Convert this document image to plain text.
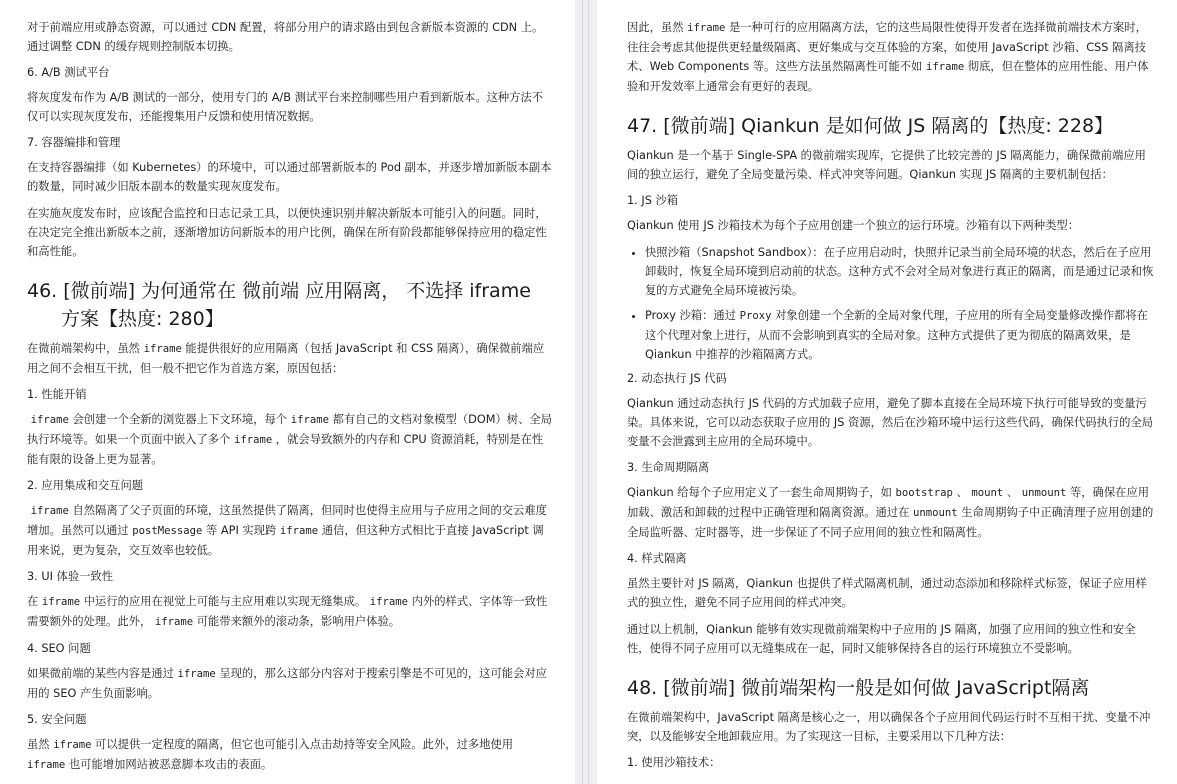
对于前端应用或静态资源，可以通过 CDN 配置，将部分用户的请求路由到包含新版本资源的 CDN 上。通过调整 CDN 的缓存规则控制版本切换。

6. A/B 测试平台

将灰度发布作为 A/B 测试的一部分，使用专门的 A/B 测试平台来控制哪些用户看到新版本。这种方法不仅可以实现灰度发布，还能搜集用户反馈和使用情况数据。

7. 容器编排和管理

在支持容器编排（如 Kubernetes）的环境中，可以通过部署新版本的 Pod 副本，并逐步增加新版本副本的数量，同时减少旧版本副本的数量实现灰度发布。

在实施灰度发布时，应该配合监控和日志记录工具，以便快速识别并解决新版本可能引入的问题。同时，在决定完全推出新版本之前，逐渐增加访问新版本的用户比例，确保在所有阶段都能够保持应用的稳定性和高性能。

46. [微前端] 为何通常在 微前端 应用隔离， 不选择 iframe 方案【热度: 280】

在微前端架构中，虽然 iframe 能提供很好的应用隔离（包括 JavaScript 和 CSS 隔离），确保微前端应用之间不会相互干扰，但一般不把它作为首选方案，原因包括：

1. 性能开销

iframe 会创建一个全新的浏览器上下文环境，每个 iframe 都有自己的文档对象模型（DOM）树、全局执行环境等。如果一个页面中嵌入了多个 iframe ，就会导致额外的内存和 CPU 资源消耗，特别是在性能有限的设备上更为显著。

2. 应用集成和交互问题

iframe 自然隔离了父子页面的环境，这虽然提供了隔离，但同时也使得主应用与子应用之间的交云难度增加。虽然可以通过 postMessage 等 API 实现跨 iframe 通信，但这种方式相比于直接 JavaScript 调用来说，更为复杂，交互效率也较低。

3. UI 体验一致性

在 iframe 中运行的应用在视觉上可能与主应用难以实现无缝集成。 iframe 内外的样式、字体等一致性需要额外的处理。此外， iframe 可能带来额外的滚动条，影响用户体验。

4. SEO 问题

如果微前端的某些内容是通过 iframe 呈现的，那么这部分内容对于搜索引擎是不可见的，这可能会对应用的 SEO 产生负面影响。

5. 安全问题

虽然 iframe 可以提供一定程度的隔离，但它也可能引入点击劫持等安全风险。此外，过多地使用 iframe 也可能增加网站被恶意脚本攻击的表面。

因此，虽然 iframe 是一种可行的应用隔离方法，它的这些局限性使得开发者在选择微前端技术方案时，往往会考虑其他提供更轻量级隔离、更好集成与交互体验的方案，如使用 JavaScript 沙箱、CSS 隔离技术、Web Components 等。这些方法虽然隔离性可能不如 iframe 彻底，但在整体的应用性能、用户体验和开发效率上通常会有更好的表现。

47. [微前端] Qiankun 是如何做 JS 隔离的【热度: 228】

Qiankun 是一个基于 Single-SPA 的微前端实现库，它提供了比较完善的 JS 隔离能力，确保微前端应用间的独立运行，避免了全局变量污染、样式冲突等问题。Qiankun 实现 JS 隔离的主要机制包括：

1. JS 沙箱

Qiankun 使用 JS 沙箱技术为每个子应用创建一个独立的运行环境。沙箱有以下两种类型：

• 快照沙箱（Snapshot Sandbox）：在子应用启动时，快照并记录当前全局环境的状态，然后在子应用卸载时，恢复全局环境到启动前的状态。这种方式不会对全局对象进行真正的隔离，而是通过记录和恢复的方式避免全局环境被污染。
• Proxy 沙箱：通过 Proxy 对象创建一个全新的全局对象代理，子应用的所有全局变量修改操作都将在这个代理对象上进行，从而不会影响到真实的全局对象。这种方式提供了更为彻底的隔离效果，是 Qiankun 中推荐的沙箱隔离方式。

2. 动态执行 JS 代码

Qiankun 通过动态执行 JS 代码的方式加载子应用，避免了脚本直接在全局环境下执行可能导致的变量污染。具体来说，它可以动态获取子应用的 JS 资源，然后在沙箱环境中运行这些代码，确保代码执行的全局变量不会泄露到主应用的全局环境中。

3. 生命周期隔离

Qiankun 给每个子应用定义了一套生命周期钩子，如 bootstrap 、 mount 、 unmount 等，确保在应用加载、激活和卸载的过程中正确管理和隔离资源。通过在 unmount 生命周期钩子中正确清理子应用创建的全局监听器、定时器等，进一步保证了不同子应用间的独立性和隔离性。

4. 样式隔离

虽然主要针对 JS 隔离，Qiankun 也提供了样式隔离机制，通过动态添加和移除样式标签，保证子应用样式的独立性，避免不同子应用间的样式冲突。

通过以上机制，Qiankun 能够有效实现微前端架构中子应用的 JS 隔离，加强了应用间的独立性和安全性，使得不同子应用可以无缝集成在一起，同时又能够保持各自的运行环境独立不受影响。

48. [微前端] 微前端架构一般是如何做 JavaScript隔离

在微前端架构中，JavaScript 隔离是核心之一，用以确保各个子应用间代码运行时不互相干扰、变量不冲突，以及能够安全地卸载应用。为了实现这一目标，主要采用以下几种方法：

1. 使用沙箱技术：
